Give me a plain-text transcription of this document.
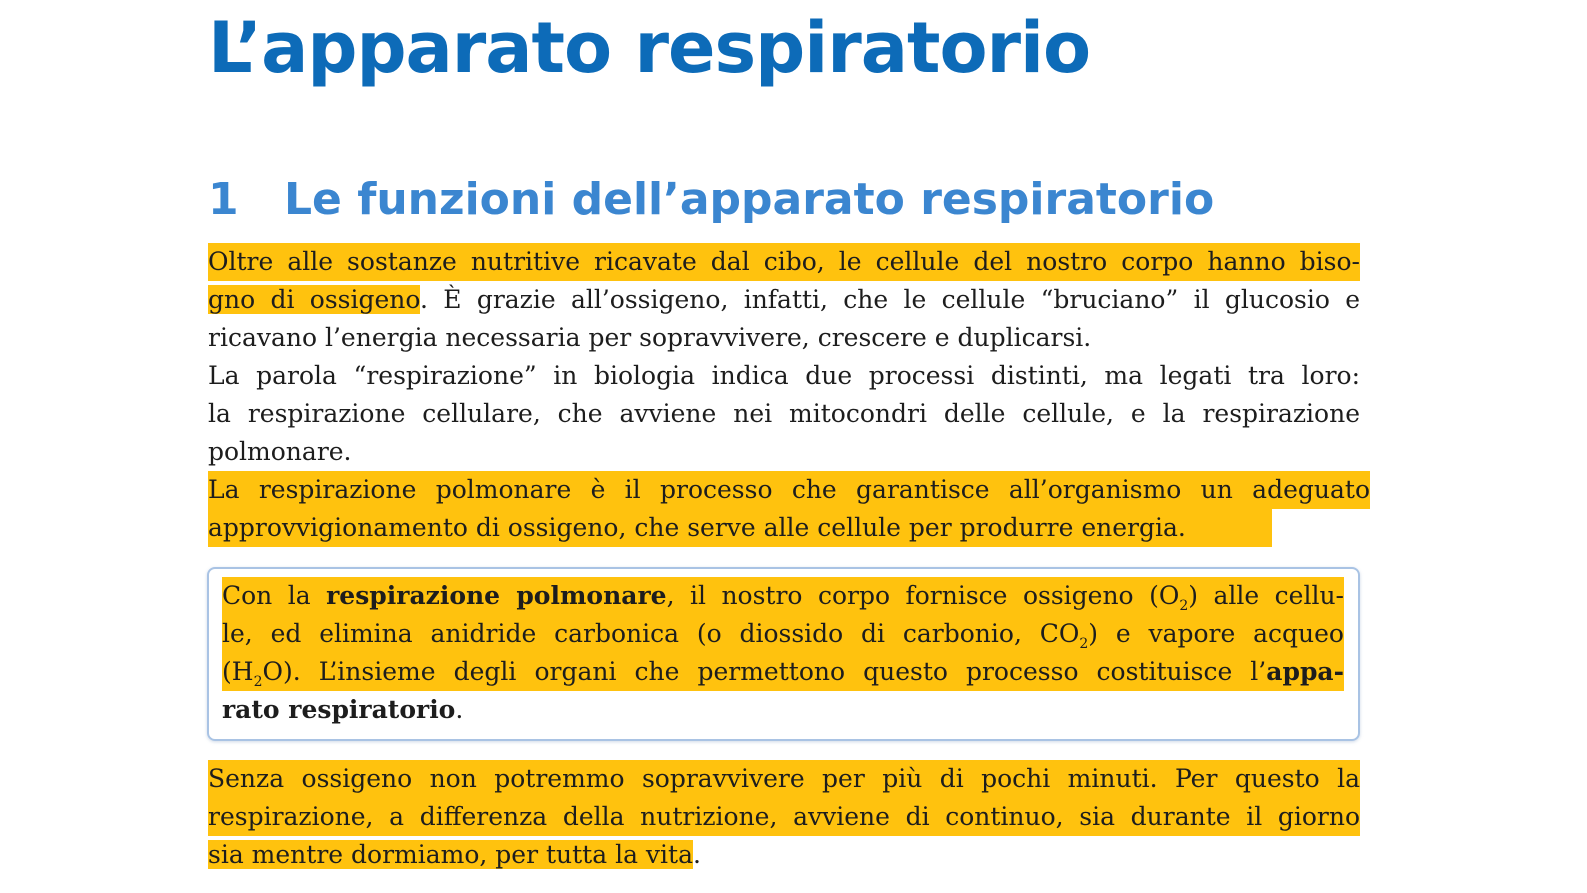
L’apparato respiratorio
1 Le funzioni dell’apparato respiratorio
Oltre alle sostanze nutritive ricavate dal cibo, le cellule del nostro corpo hanno biso-
gno di ossigeno. È grazie all’ossigeno, infatti, che le cellule “bruciano” il glucosio e
ricavano l’energia necessaria per sopravvivere, crescere e duplicarsi.
La parola “respirazione” in biologia indica due processi distinti, ma legati tra loro:
la respirazione cellulare, che avviene nei mitocondri delle cellule, e la respirazione
polmonare.
La respirazione polmonare è il processo che garantisce all’organismo un adeguato
approvvigionamento di ossigeno, che serve alle cellule per produrre energia.
Con la respirazione polmonare, il nostro corpo fornisce ossigeno $(O_2)$ alle cellu-
le, ed elimina anidride carbonica (o diossido di carbonio, $CO_2$) e vapore acqueo
$(H_2O)$. L’insieme degli organi che permettono questo processo costituisce l’appa-
rato respiratorio.
Senza ossigeno non potremmo sopravvivere per più di pochi minuti. Per questo la
respirazione, a differenza della nutrizione, avviene di continuo, sia durante il giorno
sia mentre dormiamo, per tutta la vita.
